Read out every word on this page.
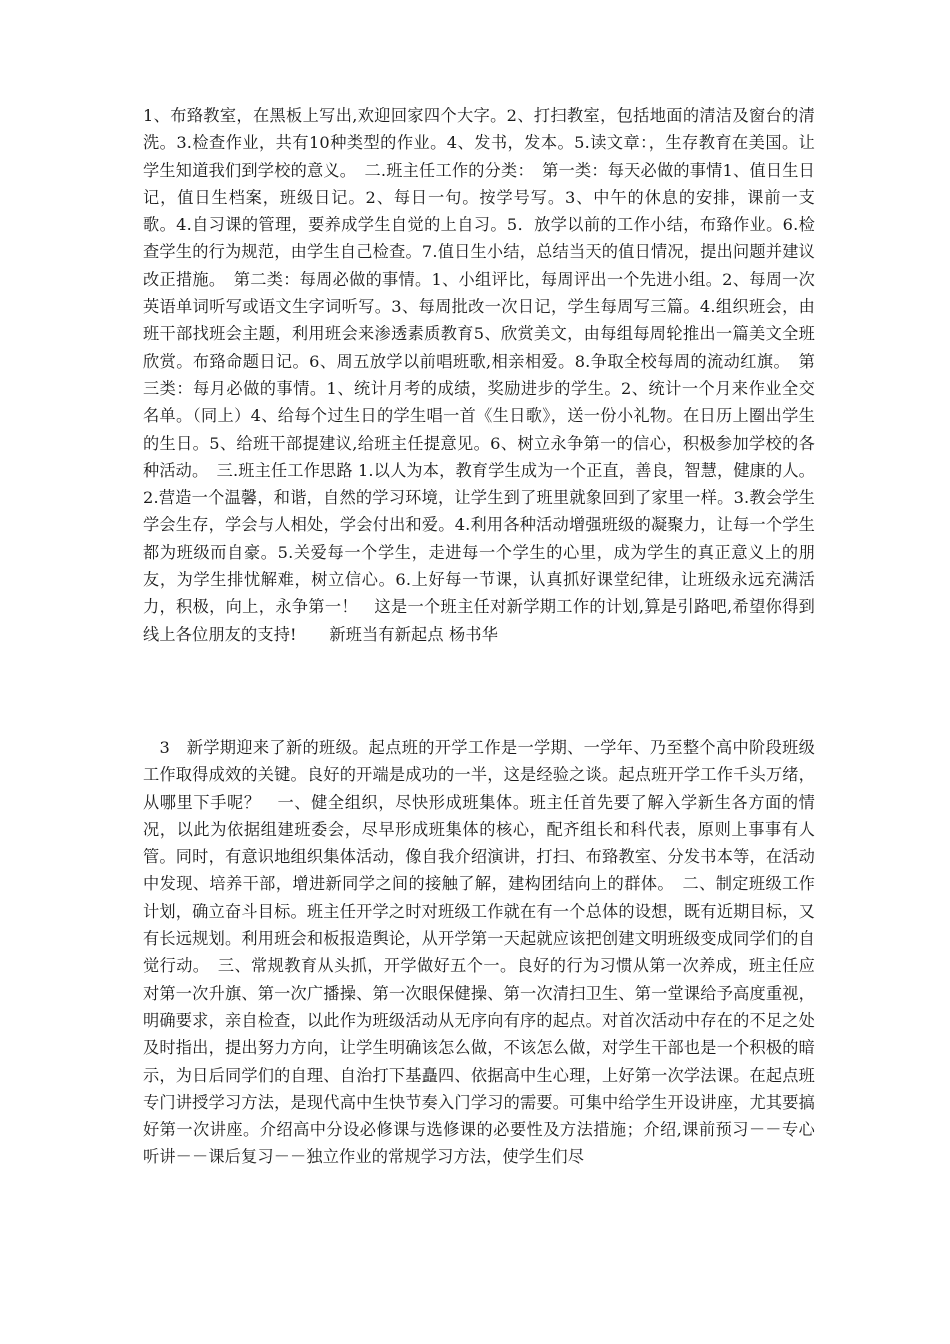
1、布臵教室，在黑板上写出,欢迎回家四个大字。2、打扫教室，包括地面的清洁及窗台的清洗。3.检查作业，共有10种类型的作业。4、发书，发本。5.读文章：，生存教育在美国。让学生知道我们到学校的意义。　二.班主任工作的分类：　第一类：每天必做的事情1、值日生日记，值日生档案，班级日记。2、每日一句。按学号写。3、中午的休息的安排，课前一支歌。4.自习课的管理，要养成学生自觉的上自习。5．放学以前的工作小结，布臵作业。6.检查学生的行为规范，由学生自己检查。7.值日生小结，总结当天的值日情况，提出问题并建议改正措施。　第二类：每周必做的事情。1、小组评比，每周评出一个先进小组。2、每周一次英语单词听写或语文生字词听写。3、每周批改一次日记，学生每周写三篇。4.组织班会，由班干部找班会主题，利用班会来渗透素质教育5、欣赏美文，由每组每周轮推出一篇美文全班欣赏。布臵命题日记。6、周五放学以前唱班歌,相亲相爱。8.争取全校每周的流动红旗。　第三类：每月必做的事情。1、统计月考的成绩，奖励进步的学生。2、统计一个月来作业全交名单。（同上）4、给每个过生日的学生唱一首《生日歌》，送一份小礼物。在日历上圈出学生的生日。5、给班干部提建议,给班主任提意见。6、树立永争第一的信心，积极参加学校的各种活动。　三.班主任工作思路 1.以人为本，教育学生成为一个正直，善良，智慧，健康的人。2.营造一个温馨，和谐，自然的学习环境，让学生到了班里就象回到了家里一样。3.教会学生学会生存，学会与人相处，学会付出和爱。4.利用各种活动增强班级的凝聚力，让每一个学生都为班级而自豪。5.关爱每一个学生，走进每一个学生的心里，成为学生的真正意义上的朋友，为学生排忧解难，树立信心。6.上好每一节课，认真抓好课堂纪律，让班级永远充满活力，积极，向上，永争第一！　这是一个班主任对新学期工作的计划,算是引路吧,希望你得到线上各位朋友的支持!　　新班当有新起点 杨书华

　3　新学期迎来了新的班级。起点班的开学工作是一学期、一学年、乃至整个高中阶段班级工作取得成效的关键。良好的开端是成功的一半，这是经验之谈。起点班开学工作千头万绪，从哪里下手呢？　一、健全组织，尽快形成班集体。班主任首先要了解入学新生各方面的情况，以此为依据组建班委会，尽早形成班集体的核心，配齐组长和科代表，原则上事事有人管。同时，有意识地组织集体活动，像自我介绍演讲，打扫、布臵教室、分发书本等，在活动中发现、培养干部，增进新同学之间的接触了解，建构团结向上的群体。　二、制定班级工作计划，确立奋斗目标。班主任开学之时对班级工作就在有一个总体的设想，既有近期目标，又有长远规划。利用班会和板报造舆论，从开学第一天起就应该把创建文明班级变成同学们的自觉行动。　三、常规教育从头抓，开学做好五个一。良好的行为习惯从第一次养成，班主任应对第一次升旗、第一次广播操、第一次眼保健操、第一次清扫卫生、第一堂课给予高度重视，明确要求，亲自检查，以此作为班级活动从无序向有序的起点。对首次活动中存在的不足之处及时指出，提出努力方向，让学生明确该怎么做，不该怎么做，对学生干部也是一个积极的暗示，为日后同学们的自理、自治打下基矗四、依据高中生心理，上好第一次学法课。在起点班专门讲授学习方法，是现代高中生快节奏入门学习的需要。可集中给学生开设讲座，尤其要搞好第一次讲座。介绍高中分设必修课与选修课的必要性及方法措施；介绍,课前预习－－专心听讲－－课后复习－－独立作业的常规学习方法，使学生们尽
